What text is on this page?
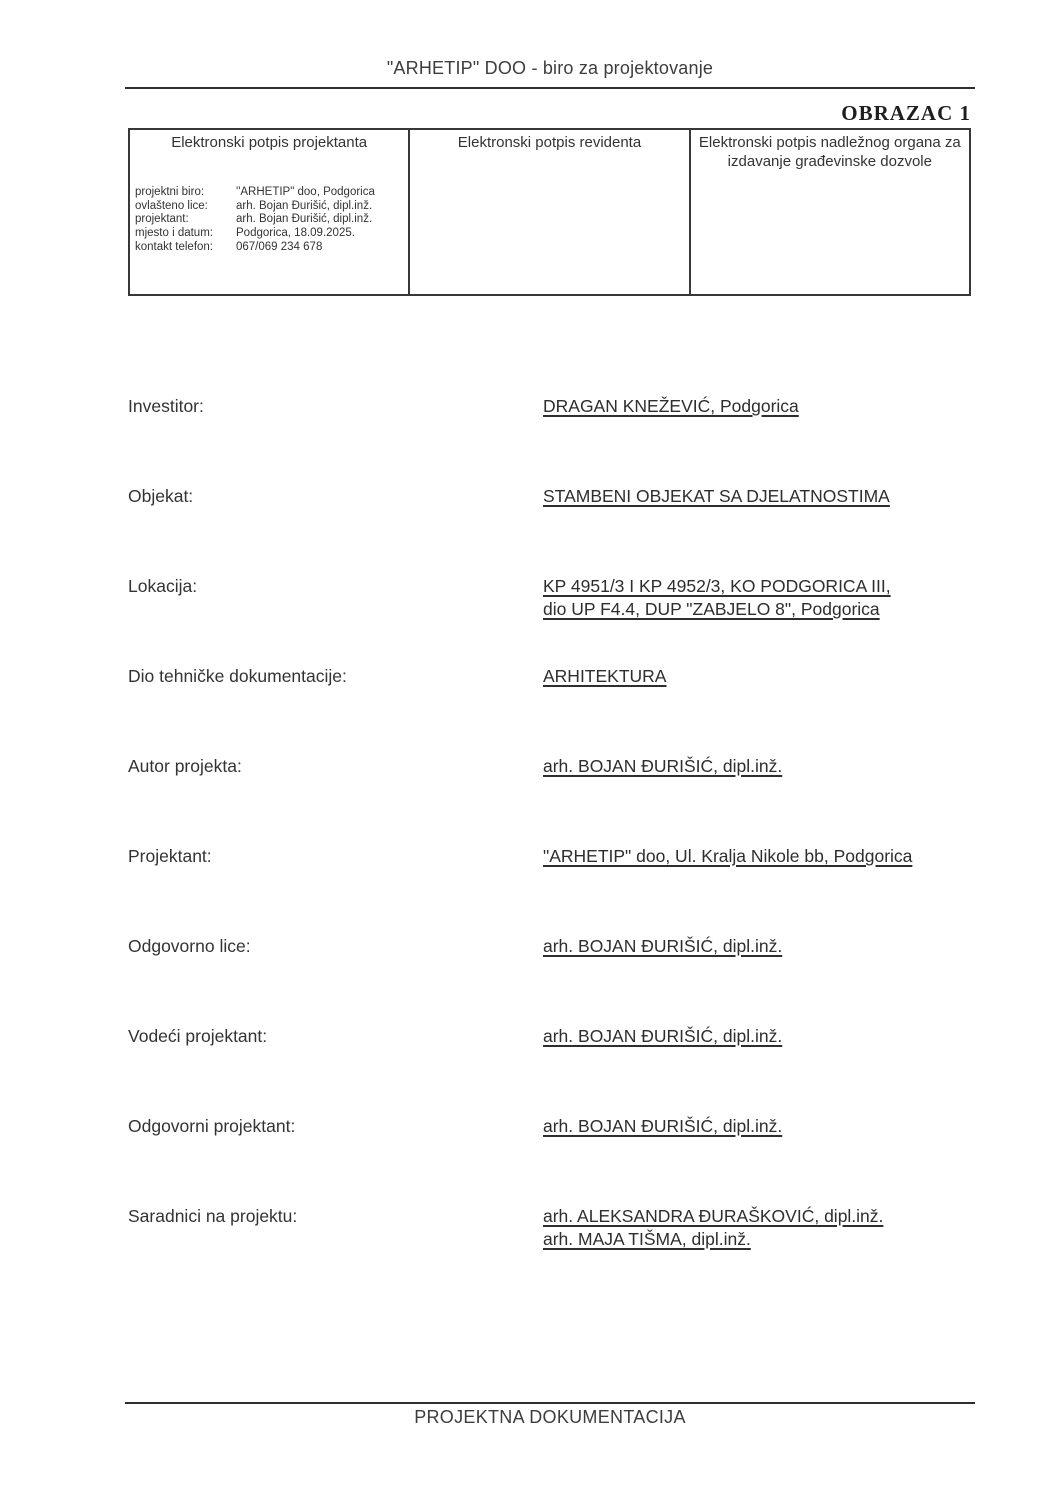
"ARHETIP" DOO - biro za projektovanje
OBRAZAC 1
Elektronski potpis projektanta
projektni biro:	''ARHETIP" doo, Podgorica
ovlašteno lice: arh. Bojan Đurišić, dipl.inž.
projektant:	arh. Bojan Đurišić, dipl.inž.
mjesto i datum: Podgorica, 18.09.2025.
kontakt telefon: 067/069 234 678
Elektronski potpis revidenta	Elektronski potpis nadležnog organa za izdavanje građevinske dozvole
Investitor:	DRAGAN KNEŽEVIĆ, Podgorica
Objekat:	STAMBENI OBJEKAT SA DJELATNOSTIMA
Lokacija:	KP 4951/3 I KP 4952/3, KO PODGORICA III,
dio UP F4.4, DUP "ZABJELO 8", Podgorica
Dio tehničke dokumentacije:	ARHITEKTURA
Autor projekta:	arh. BOJAN ĐURIŠIĆ, dipl.inž.
Projektant:	"ARHETIP" doo, Ul. Kralja Nikole bb, Podgorica
Odgovorno lice:	arh. BOJAN ĐURIŠIĆ, dipl.inž.
Vodeći projektant:	arh. BOJAN ĐURIŠIĆ, dipl.inž.
Odgovorni projektant:	arh. BOJAN ĐURIŠIĆ, dipl.inž.
Saradnici na projektu:	arh. ALEKSANDRA ĐURAŠKOVIĆ, dipl.inž.
arh. MAJA TIŠMA, dipl.inž.
PROJEKTNA DOKUMENTACIJA
